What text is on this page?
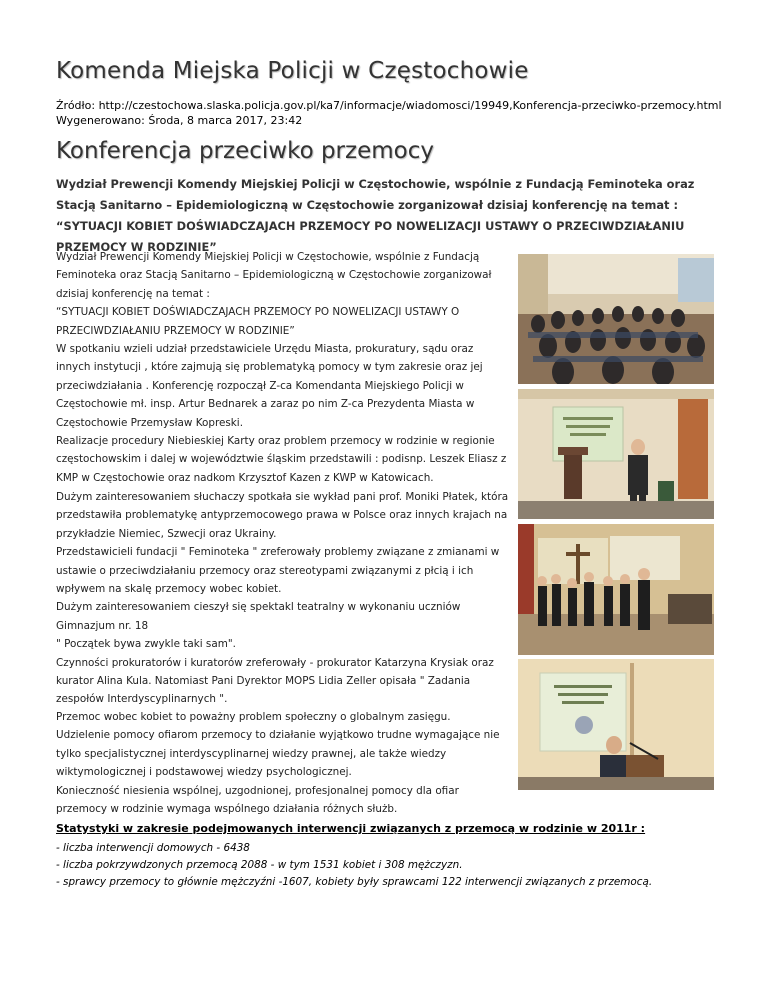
Komenda Miejska Policji w Częstochowie
Źródło: http://czestochowa.slaska.policja.gov.pl/ka7/informacje/wiadomosci/19949,Konferencja-przeciwko-przemocy.html
Wygenerowano: Środa, 8 marca 2017, 23:42
Konferencja przeciwko przemocy
Wydział Prewencji Komendy Miejskiej Policji w Częstochowie, wspólnie z Fundacją Feminoteka oraz Stacją Sanitarno – Epidemiologiczną w Częstochowie zorganizował dzisiaj konferencję na temat : “SYTUACJI KOBIET DOŚWIADCZAJACH PRZEMOCY PO NOWELIZACJI USTAWY O PRZECIWDZIAŁANIU PRZEMOCY W RODZINIE”
Wydział Prewencji Komendy Miejskiej Policji w Częstochowie, wspólnie z Fundacją
Feminoteka oraz Stacją Sanitarno – Epidemiologiczną w Częstochowie zorganizował
dzisiaj konferencję na temat :
“SYTUACJI KOBIET DOŚWIADCZAJACH PRZEMOCY PO NOWELIZACJI USTAWY O
PRZECIWDZIAŁANIU PRZEMOCY W RODZINIE”
W spotkaniu wzieli udział przedstawiciele Urzędu Miasta, prokuratury, sądu oraz
innych instytucji , które zajmują się problematyką pomocy w tym zakresie oraz jej
przeciwdziałania . Konferencję rozpoczął Z-ca Komendanta Miejskiego Policji w
Częstochowie mł. insp. Artur Bednarek a zaraz po nim Z-ca Prezydenta Miasta w
Częstochowie Przemysław Kopreski.
Realizacje procedury Niebieskiej Karty oraz problem przemocy w rodzinie w regionie
częstochowskim i dalej w województwie śląskim przedstawili : podisnp. Leszek Eliasz z
KMP w Częstochowie oraz nadkom Krzysztof Kazen z KWP w Katowicach.
Dużym zainteresowaniem słuchaczy spotkała sie wykład pani prof. Moniki Płatek, która
przedstawiła problematykę antyprzemocowego prawa w Polsce oraz innych krajach na
przykładzie Niemiec, Szwecji oraz Ukrainy.
Przedstawicieli fundacji " Feminoteka " zreferowały problemy związane z zmianami w
ustawie o przeciwdziałaniu przemocy oraz stereotypami związanymi z płcią i ich
wpływem na skalę przemocy wobec kobiet.
Dużym zainteresowaniem cieszył się spektakl teatralny w wykonaniu uczniów
Gimnazjum nr. 18
" Początek bywa zwykle taki sam".
Czynności prokuratorów i kuratorów zreferowały - prokurator Katarzyna Krysiak oraz
kurator Alina Kula. Natomiast Pani Dyrektor MOPS Lidia Zeller opisała " Zadania
zespołów Interdyscyplinarnych ".
Przemoc wobec kobiet to poważny problem społeczny o globalnym zasięgu.
Udzielenie pomocy ofiarom przemocy to działanie wyjątkowo trudne wymagające nie
tylko specjalistycznej interdyscyplinarnej wiedzy prawnej, ale także wiedzy
wiktymologicznej i podstawowej wiedzy psychologicznej.
Konieczność niesienia wspólnej, uzgodnionej, profesjonalnej pomocy dla ofiar
przemocy w rodzinie wymaga wspólnego działania różnych służb.
Statystyki w zakresie podejmowanych interwencji związanych z przemocą w rodzinie w 2011r :
- liczba interwencji domowych - 6438
- liczba pokrzywdzonych przemocą 2088 - w tym 1531 kobiet i 308 mężczyzn.
- sprawcy przemocy to głównie mężczyźni -1607, kobiety były sprawcami 122 interwencji związanych z przemocą.
